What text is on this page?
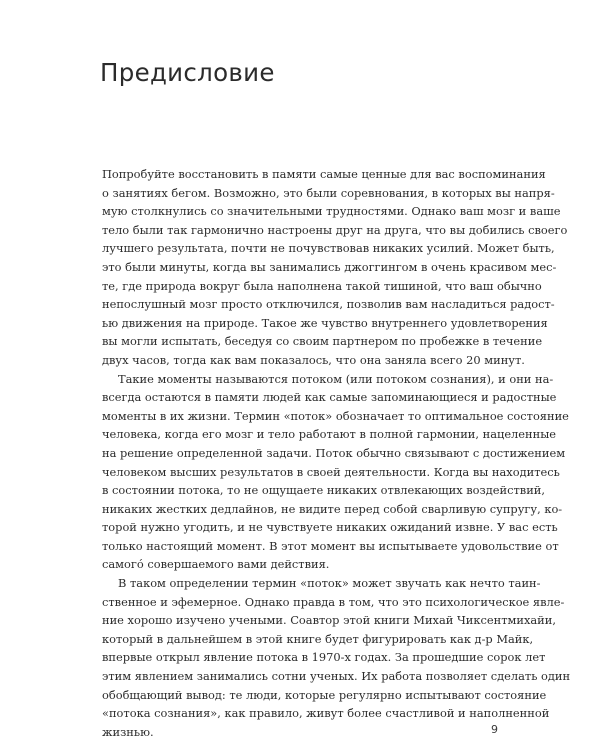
Предисловие
Попробуйте восстановить в памяти самые ценные для вас воспоминания
о занятиях бегом. Возможно, это были соревнования, в которых вы напря-
мую столкнулись со значительными трудностями. Однако ваш мозг и ваше
тело были так гармонично настроены друг на друга, что вы добились своего
лучшего результата, почти не почувствовав никаких усилий. Может быть,
это были минуты, когда вы занимались джоггингом в очень красивом мес-
те, где природа вокруг была наполнена такой тишиной, что ваш обычно
непослушный мозг просто отключился, позволив вам насладиться радост-
ью движения на природе. Такое же чувство внутреннего удовлетворения
вы могли испытать, беседуя со своим партнером по пробежке в течение
двух часов, тогда как вам показалось, что она заняла всего 20 минут.
Такие моменты называются потоком (или потоком сознания), и они на-
всегда остаются в памяти людей как самые запоминающиеся и радостные
моменты в их жизни. Термин «поток» обозначает то оптимальное состояние
человека, когда его мозг и тело работают в полной гармонии, нацеленные
на решение определенной задачи. Поток обычно связывают с достижением
человеком высших результатов в своей деятельности. Когда вы находитесь
в состоянии потока, то не ощущаете никаких отвлекающих воздействий,
никаких жестких дедлайнов, не видите перед собой сварливую супругу, ко-
торой нужно угодить, и не чувствуете никаких ожиданий извне. У вас есть
только настоящий момент. В этот момент вы испытываете удовольствие от
самого́ совершаемого вами действия.
В таком определении термин «поток» может звучать как нечто таин-
ственное и эфемерное. Однако правда в том, что это психологическое явле-
ние хорошо изучено учеными. Соавтор этой книги Михай Чиксентмихайи,
который в дальнейшем в этой книге будет фигурировать как д-р Майк,
впервые открыл явление потока в 1970-х годах. За прошедшие сорок лет
этим явлением занимались сотни ученых. Их работа позволяет сделать один
обобщающий вывод: те люди, которые регулярно испытывают состояние
«потока сознания», как правило, живут более счастливой и наполненной
жизнью.	9
